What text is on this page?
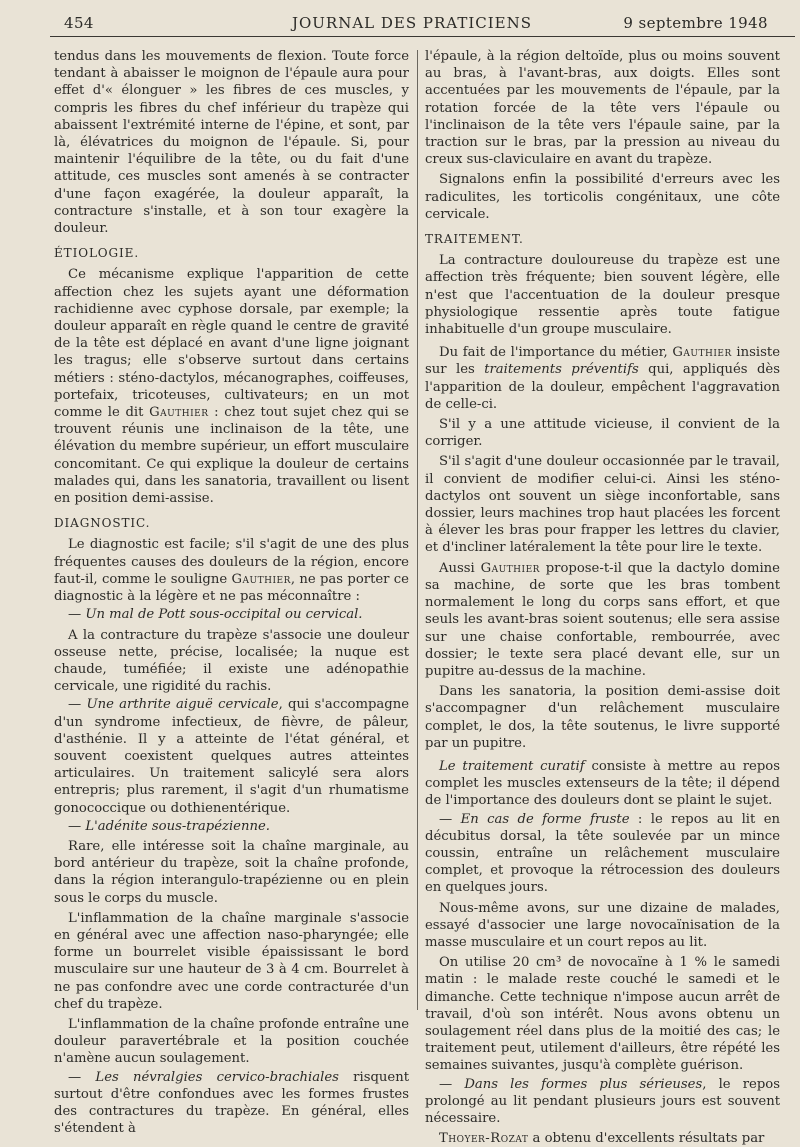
454	JOURNAL DES PRATICIENS	9 septembre 1948

tendus dans les mouvements de flexion. Toute force tendant à abaisser le moignon de l'épaule aura pour effet d'« élonguer » les fibres de ces muscles, y compris les fibres du chef inférieur du trapèze qui abaissent l'extrémité interne de l'épine, et sont, par là, élévatrices du moignon de l'épaule. Si, pour maintenir l'équilibre de la tête, ou du fait d'une attitude, ces muscles sont amenés à se contracter d'une façon exagérée, la douleur apparaît, la contracture s'installe, et à son tour exagère la douleur.

ÉTIOLOGIE.

Ce mécanisme explique l'apparition de cette affection chez les sujets ayant une déformation rachidienne avec cyphose dorsale, par exemple; la douleur apparaît en règle quand le centre de gravité de la tête est déplacé en avant d'une ligne joignant les tragus; elle s'observe surtout dans certains métiers : sténo-dactylos, mécanographes, coiffeuses, portefaix, tricoteuses, cultivateurs; en un mot comme le dit Gauthier : chez tout sujet chez qui se trouvent réunis une inclinaison de la tête, une élévation du membre supérieur, un effort musculaire concomitant. Ce qui explique la douleur de certains malades qui, dans les sanatoria, travaillent ou lisent en position demi-assise.

DIAGNOSTIC.

Le diagnostic est facile; s'il s'agit de une des plus fréquentes causes des douleurs de la région, encore faut-il, comme le souligne Gauthier, ne pas porter ce diagnostic à la légère et ne pas méconnaître :

— Un mal de Pott sous-occipital ou cervical.

A la contracture du trapèze s'associe une douleur osseuse nette, précise, localisée; la nuque est chaude, tuméfiée; il existe une adénopathie cervicale, une rigidité du rachis.

— Une arthrite aiguë cervicale, qui s'accompagne d'un syndrome infectieux, de fièvre, de pâleur, d'asthénie. Il y a atteinte de l'état général, et souvent coexistent quelques autres atteintes articulaires. Un traitement salicylé sera alors entrepris; plus rarement, il s'agit d'un rhumatisme gonococcique ou dothienentérique.

— L'adénite sous-trapézienne.

Rare, elle intéresse soit la chaîne marginale, au bord antérieur du trapèze, soit la chaîne profonde, dans la région interangulo-trapézienne ou en plein sous le corps du muscle.

L'inflammation de la chaîne marginale s'associe en général avec une affection naso-pharyngée; elle forme un bourrelet visible épaississant le bord musculaire sur une hauteur de 3 à 4 cm. Bourrelet à ne pas confondre avec une corde contracturée d'un chef du trapèze.

L'inflammation de la chaîne profonde entraîne une douleur paravertébrale et la position couchée n'amène aucun soulagement.

— Les névralgies cervico-brachiales risquent surtout d'être confondues avec les formes frustes des contractures du trapèze. En général, elles s'étendent à

l'épaule, à la région deltoïde, plus ou moins souvent au bras, à l'avant-bras, aux doigts. Elles sont accentuées par les mouvements de l'épaule, par la rotation forcée de la tête vers l'épaule ou l'inclinaison de la tête vers l'épaule saine, par la traction sur le bras, par la pression au niveau du creux sus-claviculaire en avant du trapèze.

Signalons enfin la possibilité d'erreurs avec les radiculites, les torticolis congénitaux, une côte cervicale.

TRAITEMENT.

La contracture douloureuse du trapèze est une affection très fréquente; bien souvent légère, elle n'est que l'accentuation de la douleur presque physiologique ressentie après toute fatigue inhabituelle d'un groupe musculaire.

Du fait de l'importance du métier, Gauthier insiste sur les traitements préventifs qui, appliqués dès l'apparition de la douleur, empêchent l'aggravation de celle-ci.

S'il y a une attitude vicieuse, il convient de la corriger.

S'il s'agit d'une douleur occasionnée par le travail, il convient de modifier celui-ci. Ainsi les sténo-dactylos ont souvent un siège inconfortable, sans dossier, leurs machines trop haut placées les forcent à élever les bras pour frapper les lettres du clavier, et d'incliner latéralement la tête pour lire le texte.

Aussi Gauthier propose-t-il que la dactylo domine sa machine, de sorte que les bras tombent normalement le long du corps sans effort, et que seuls les avant-bras soient soutenus; elle sera assise sur une chaise confortable, rembourrée, avec dossier; le texte sera placé devant elle, sur un pupitre au-dessus de la machine.

Dans les sanatoria, la position demi-assise doit s'accompagner d'un relâchement musculaire complet, le dos, la tête soutenus, le livre supporté par un pupitre.

Le traitement curatif consiste à mettre au repos complet les muscles extenseurs de la tête; il dépend de l'importance des douleurs dont se plaint le sujet.

— En cas de forme fruste : le repos au lit en décubitus dorsal, la tête soulevée par un mince coussin, entraîne un relâchement musculaire complet, et provoque la rétrocession des douleurs en quelques jours.

Nous-même avons, sur une dizaine de malades, essayé d'associer une large novocaïnisation de la masse musculaire et un court repos au lit.

On utilise 20 cm³ de novocaïne à 1 % le samedi matin : le malade reste couché le samedi et le dimanche. Cette technique n'impose aucun arrêt de travail, d'où son intérêt. Nous avons obtenu un soulagement réel dans plus de la moitié des cas; le traitement peut, utilement d'ailleurs, être répété les semaines suivantes, jusqu'à complète guérison.

— Dans les formes plus sérieuses, le repos prolongé au lit pendant plusieurs jours est souvent nécessaire.

Thoyer-Rozat a obtenu d'excellents résultats par
